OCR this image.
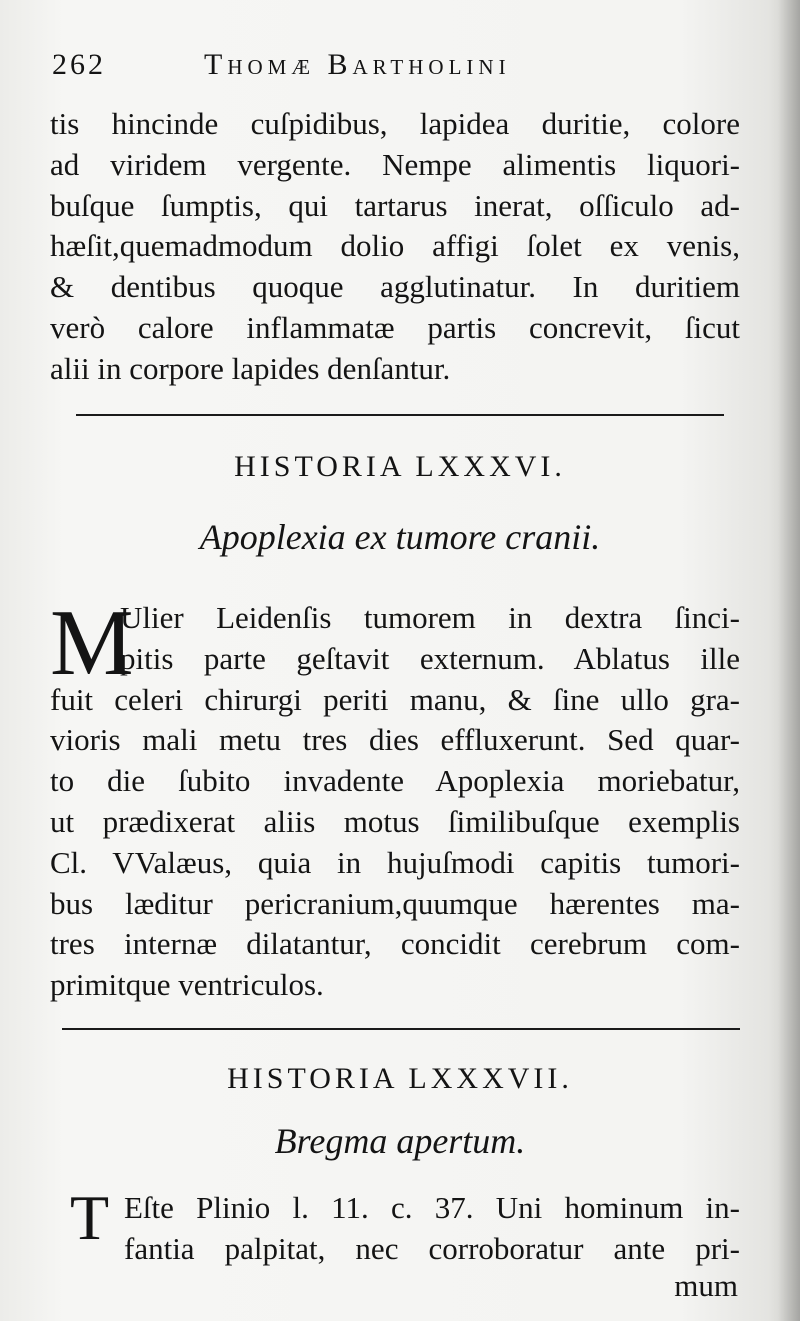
262	Thomæ Bartholini
tis hincinde cuſpidibus, lapidea duritie, colore
ad viridem vergente. Nempe alimentis liquori-
buſque ſumptis, qui tartarus inerat, oſſiculo ad-
hæſit,quemadmodum dolio affigi ſolet ex venis,
& dentibus quoque agglutinatur. In duritiem
verò calore inflammatæ partis concrevit, ſicut
alii in corpore lapides denſantur.
HISTORIA LXXXVI.
Apoplexia ex tumore cranii.
M
Ulier Leidenſis tumorem in dextra ſinci-
pitis parte geſtavit externum. Ablatus ille
fuit celeri chirurgi periti manu, & ſine ullo gra-
vioris mali metu tres dies effluxerunt. Sed quar-
to die ſubito invadente Apoplexia moriebatur,
ut prædixerat aliis motus ſimilibuſque exemplis
Cl. VValæus, quia in hujuſmodi capitis tumori-
bus læditur pericranium,quumque hærentes ma-
tres internæ dilatantur, concidit cerebrum com-
primitque ventriculos.
HISTORIA LXXXVII.
Bregma apertum.
T Eſte Plinio l. 11. c. 37. Uni hominum in-
fantia palpitat, nec corroboratur ante pri-
mum
